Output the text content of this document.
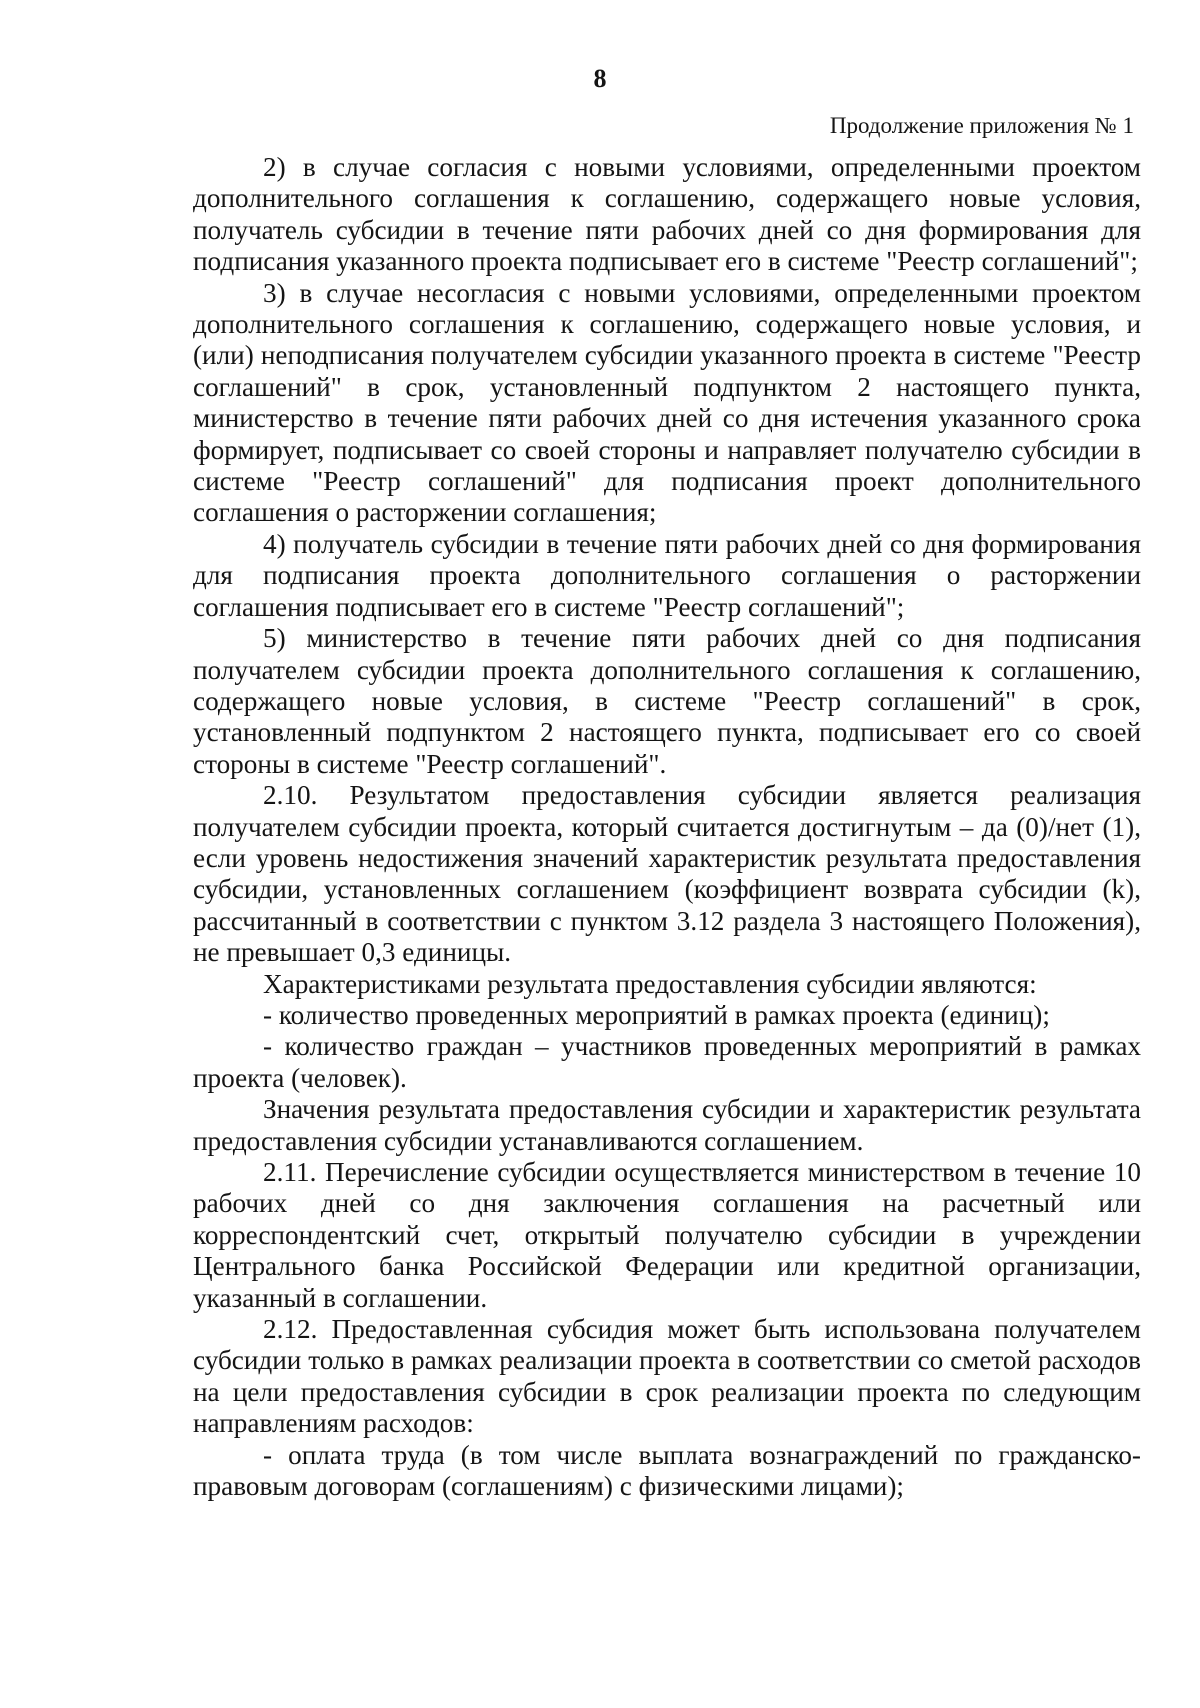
8
Продолжение приложения № 1

2) в случае согласия с новыми условиями, определенными проектом дополнительного соглашения к соглашению, содержащего новые условия, получатель субсидии в течение пяти рабочих дней со дня формирования для подписания указанного проекта подписывает его в системе "Реестр соглашений";

3) в случае несогласия с новыми условиями, определенными проектом дополнительного соглашения к соглашению, содержащего новые условия, и (или) неподписания получателем субсидии указанного проекта в системе "Реестр соглашений" в срок, установленный подпунктом 2 настоящего пункта, министерство в течение пяти рабочих дней со дня истечения указанного срока формирует, подписывает со своей стороны и направляет получателю субсидии в системе "Реестр соглашений" для подписания проект дополнительного соглашения о расторжении соглашения;

4) получатель субсидии в течение пяти рабочих дней со дня формирования для подписания проекта дополнительного соглашения о расторжении соглашения подписывает его в системе "Реестр соглашений";

5) министерство в течение пяти рабочих дней со дня подписания получателем субсидии проекта дополнительного соглашения к соглашению, содержащего новые условия, в системе "Реестр соглашений" в срок, установленный подпунктом 2 настоящего пункта, подписывает его со своей стороны в системе "Реестр соглашений".

2.10. Результатом предоставления субсидии является реализация получателем субсидии проекта, который считается достигнутым – да (0)/нет (1), если уровень недостижения значений характеристик результата предоставления субсидии, установленных соглашением (коэффициент возврата субсидии (k), рассчитанный в соответствии с пунктом 3.12 раздела 3 настоящего Положения), не превышает 0,3 единицы.

Характеристиками результата предоставления субсидии являются:

- количество проведенных мероприятий в рамках проекта (единиц);

- количество граждан – участников проведенных мероприятий в рамках проекта (человек).

Значения результата предоставления субсидии и характеристик результата предоставления субсидии устанавливаются соглашением.

2.11. Перечисление субсидии осуществляется министерством в течение 10 рабочих дней со дня заключения соглашения на расчетный или корреспондентский счет, открытый получателю субсидии в учреждении Центрального банка Российской Федерации или кредитной организации, указанный в соглашении.

2.12. Предоставленная субсидия может быть использована получателем субсидии только в рамках реализации проекта в соответствии со сметой расходов на цели предоставления субсидии в срок реализации проекта по следующим направлениям расходов:

- оплата труда (в том числе выплата вознаграждений по гражданско-правовым договорам (соглашениям) с физическими лицами);
